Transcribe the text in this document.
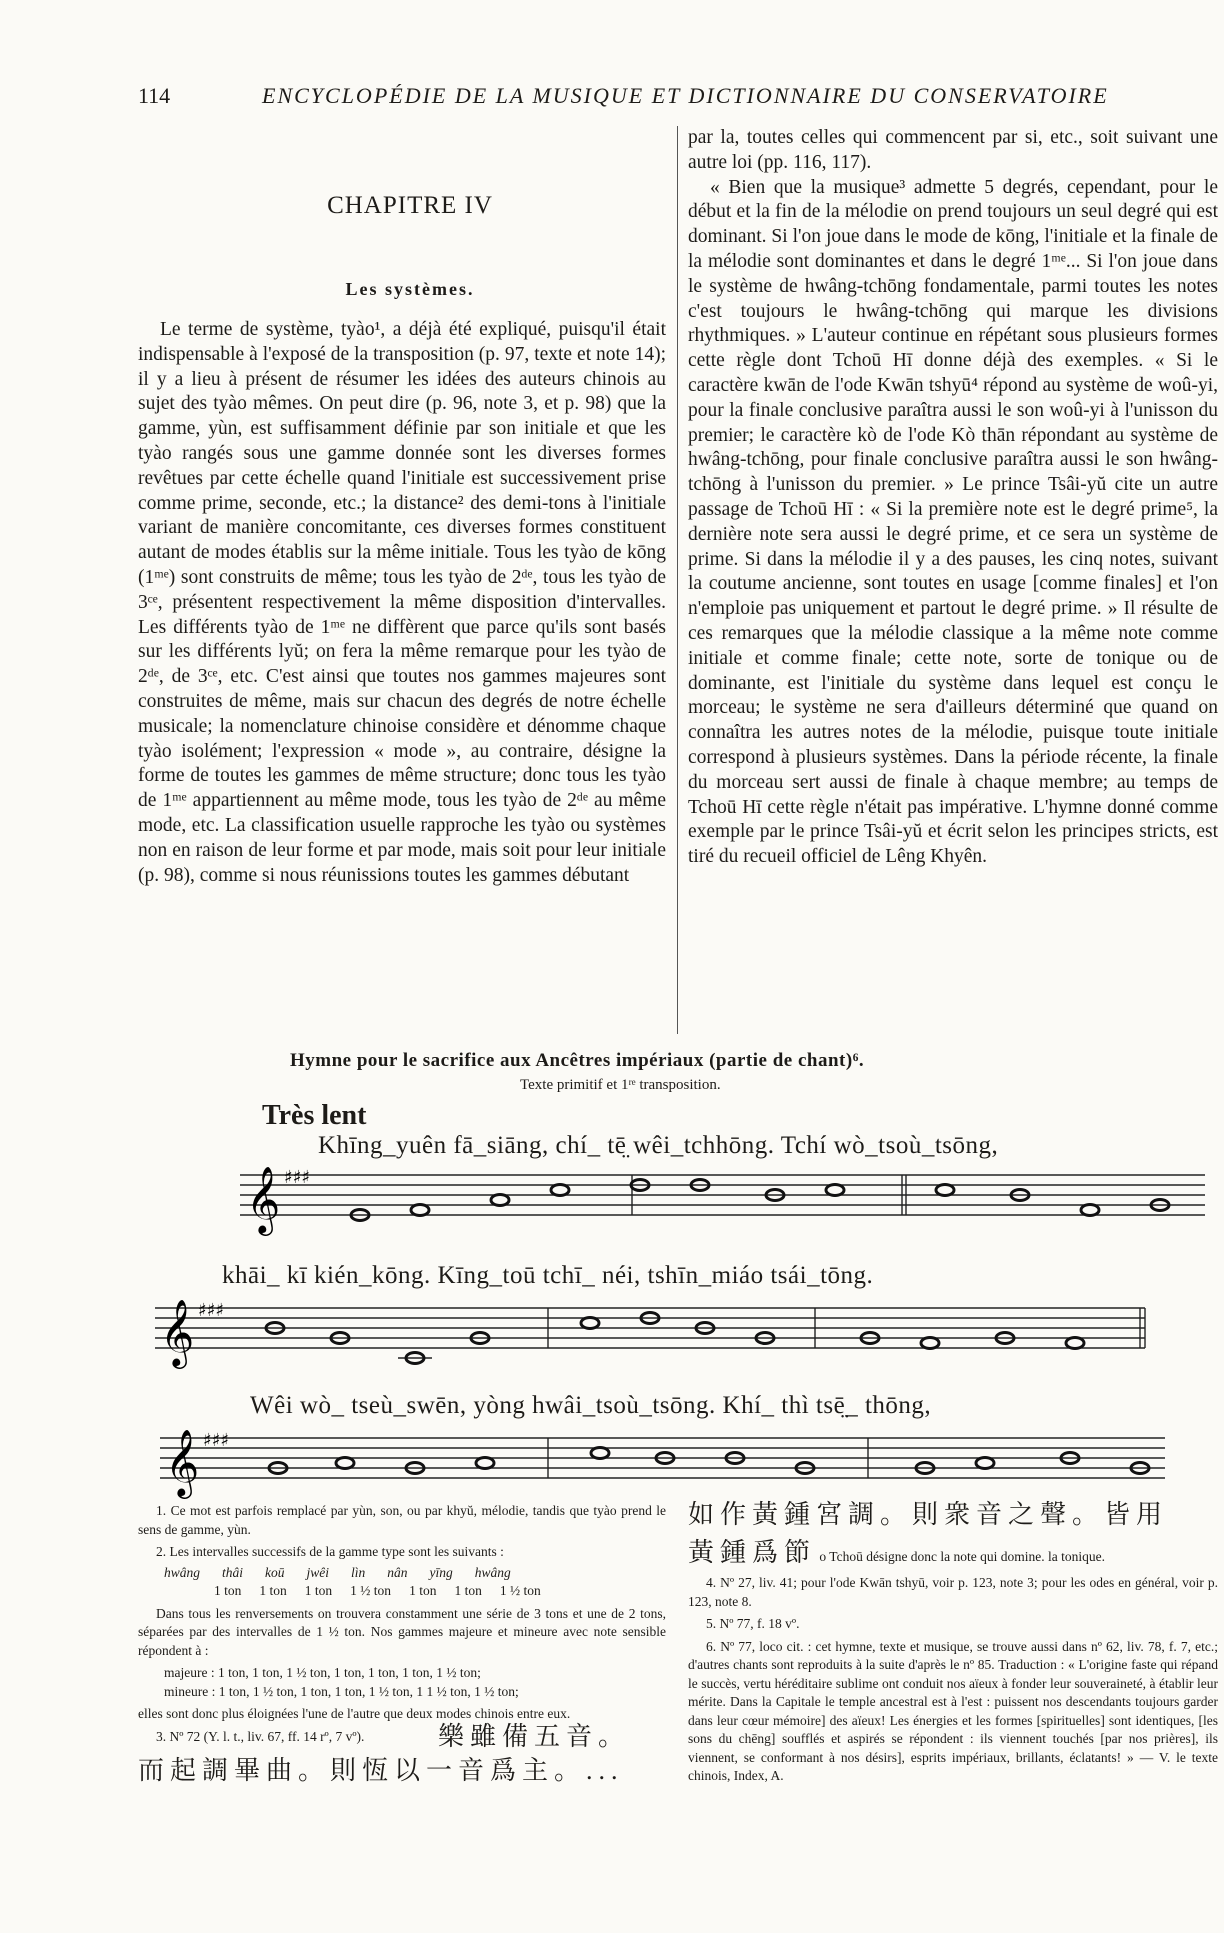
114	ENCYCLOPÉDIE DE LA MUSIQUE ET DICTIONNAIRE DU CONSERVATOIRE
CHAPITRE IV
Les systèmes.

Le terme de système, tyào¹, a déjà été expliqué, puisqu'il était indispensable à l'exposé de la transposition (p. 97, texte et note 14); il y a lieu à présent de résumer les idées des auteurs chinois au sujet des tyào mêmes. On peut dire (p. 96, note 3, et p. 98) que la gamme, yùn, est suffisamment définie par son initiale et que les tyào rangés sous une gamme donnée sont les diverses formes revêtues par cette échelle quand l'initiale est successivement prise comme prime, seconde, etc.; la distance² des demi-tons à l'initiale variant de manière concomitante, ces diverses formes constituent autant de modes établis sur la même initiale. Tous les tyào de kōng (1ᵐᵉ) sont construits de même; tous les tyào de 2ᵈᵉ, tous les tyào de 3ᶜᵉ, présentent respectivement la même disposition d'intervalles. Les différents tyào de 1ᵐᵉ ne diffèrent que parce qu'ils sont basés sur les différents lyŭ; on fera la même remarque pour les tyào de 2ᵈᵉ, de 3ᶜᵉ, etc. C'est ainsi que toutes nos gammes majeures sont construites de même, mais sur chacun des degrés de notre échelle musicale; la nomenclature chinoise considère et dénomme chaque tyào isolément; l'expression « mode », au contraire, désigne la forme de toutes les gammes de même structure; donc tous les tyào de 1ᵐᵉ appartiennent au même mode, tous les tyào de 2ᵈᵉ au même mode, etc. La classification usuelle rapproche les tyào ou systèmes non en raison de leur forme et par mode, mais soit pour leur initiale (p. 98), comme si nous réunissions toutes les gammes débutant

par la, toutes celles qui commencent par si, etc., soit suivant une autre loi (pp. 116, 117).

« Bien que la musique³ admette 5 degrés, cependant, pour le début et la fin de la mélodie on prend toujours un seul degré qui est dominant. Si l'on joue dans le mode de kōng, l'initiale et la finale de la mélodie sont dominantes et dans le degré 1ᵐᵉ... Si l'on joue dans le système de hwâng-tchōng fondamentale, parmi toutes les notes c'est toujours le hwâng-tchōng qui marque les divisions rhythmiques. » L'auteur continue en répétant sous plusieurs formes cette règle dont Tchoū Hī donne déjà des exemples. « Si le caractère kwān de l'ode Kwān tshyū⁴ répond au système de woû-yi, pour la finale conclusive paraîtra aussi le son woû-yi à l'unisson du premier; le caractère kò de l'ode Kò thān répondant au système de hwâng-tchōng, pour finale conclusive paraîtra aussi le son hwâng-tchōng à l'unisson du premier. » Le prince Tsâi-yŭ cite un autre passage de Tchoū Hī : « Si la première note est le degré prime⁵, la dernière note sera aussi le degré prime, et ce sera un système de prime. Si dans la mélodie il y a des pauses, les cinq notes, suivant la coutume ancienne, sont toutes en usage [comme finales] et l'on n'emploie pas uniquement et partout le degré prime. » Il résulte de ces remarques que la mélodie classique a la même note comme initiale et comme finale; cette note, sorte de tonique ou de dominante, est l'initiale du système dans lequel est conçu le morceau; le système ne sera d'ailleurs déterminé que quand on connaîtra les autres notes de la mélodie, puisque toute initiale correspond à plusieurs systèmes. Dans la période récente, la finale du morceau sert aussi de finale à chaque membre; au temps de Tchoū Hī cette règle n'était pas impérative. L'hymne donné comme exemple par le prince Tsâi-yŭ et écrit selon les principes stricts, est tiré du recueil officiel de Lêng Khyên.

Hymne pour le sacrifice aux Ancêtres impériaux (partie de chant)⁶.
Texte primitif et 1ʳᵉ transposition.
Très lent
Khīng_yuên fā_siāng, chí_ tē̤ wêi_tchhōng. Tchí wò_tsoù_tsōng,
khāi_ kī kién_kōng. Kīng_toū tchī_ néi, tshīn_miáo tsái_tōng.
Wêi wò_ tseù_swēn, yòng hwâi_tsoù_tsōng. Khí_ thì tsē̤_ thōng,
𝄞 ♯♯♯
𝄞 ♯♯♯
𝄞 ♯♯♯

1. Ce mot est parfois remplacé par yùn, son, ou par khyŭ, mélodie, tandis que tyào prend le sens de gamme, yùn.

2. Les intervalles successifs de la gamme type sont les suivants :

hwâng thâi koū jwêi lìn nân yīng hwâng
1 ton 1 ton 1 ton 1 ½ ton 1 ton 1 ton 1 ½ ton

Dans tous les renversements on trouvera constamment une série de 3 tons et une de 2 tons, séparées par des intervalles de 1 ½ ton. Nos gammes majeure et mineure avec note sensible répondent à :

majeure : 1 ton, 1 ton, 1 ½ ton, 1 ton, 1 ton, 1 ton, 1 ½ ton;

mineure : 1 ton, 1 ½ ton, 1 ton, 1 ton, 1 ½ ton, 1 1 ½ ton, 1 ½ ton;

elles sont donc plus éloignées l'une de l'autre que deux modes chinois entre eux.

3. Nº 72 (Y. l. t., liv. 67, ff. 14 rº, 7 vº).	樂雖備五音。
而起調畢曲。則恆以一音爲主。...
如作黃鍾宮調。則衆音之聲。皆用

黃鍾爲節 o Tchoū désigne donc la note qui domine. la tonique.

4. Nº 27, liv. 41; pour l'ode Kwān tshyū, voir p. 123, note 3; pour les odes en général, voir p. 123, note 8.

5. Nº 77, f. 18 vº.

6. Nº 77, loco cit. : cet hymne, texte et musique, se trouve aussi dans nº 62, liv. 78, f. 7, etc.; d'autres chants sont reproduits à la suite d'après le nº 85. Traduction : « L'origine faste qui répand le succès, vertu héréditaire sublime ont conduit nos aïeux à fonder leur souveraineté, à établir leur mérite. Dans la Capitale le temple ancestral est à l'est : puissent nos descendants toujours garder dans leur cœur mémoire] des aïeux! Les énergies et les formes [spirituelles] sont identiques, [les sons du chēng] soufflés et aspirés se répondent : ils viennent touchés [par nos prières], ils viennent, se conformant à nos désirs], esprits impériaux, brillants, éclatants! » — V. le texte chinois, Index, A.
